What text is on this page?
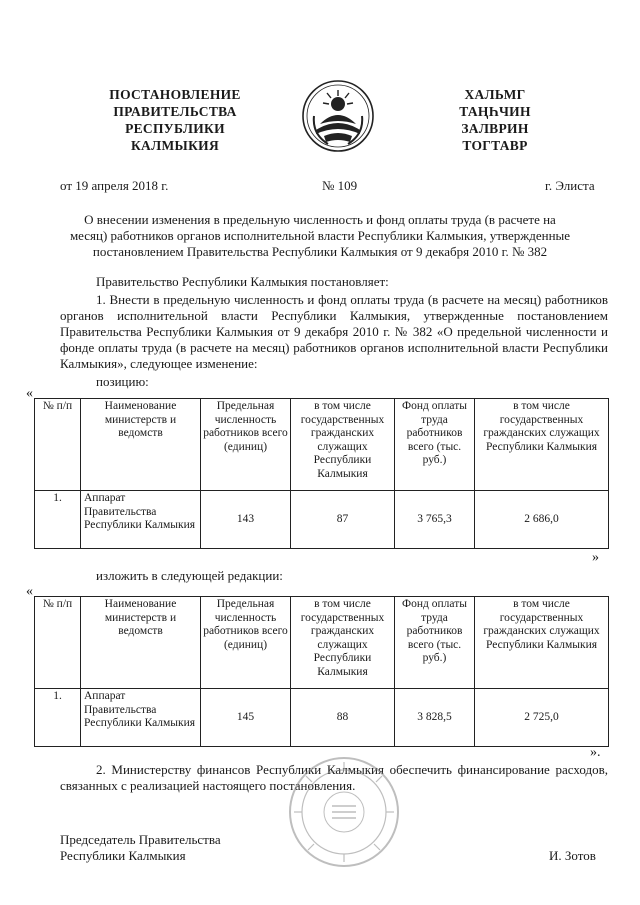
ПОСТАНОВЛЕНИЕ
ПРАВИТЕЛЬСТВА
РЕСПУБЛИКИ
КАЛМЫКИЯ
ХАЛЬМГ
ТАҢҺЧИН
ЗАЛВРИН
ТОГТАВР
от 19 апреля 2018 г.	№ 109	г. Элиста
О внесении изменения в предельную численность и фонд оплаты труда (в расчете на
месяц) работников органов исполнительной власти Республики Калмыкия, утвержденные
постановлением Правительства Республики Калмыкия от 9 декабря 2010 г. № 382
Правительство Республики Калмыкия постановляет:
1. Внести в предельную численность и фонд оплаты труда (в расчете на месяц) работников органов исполнительной власти Республики Калмыкия, утвержденные постановлением Правительства Республики Калмыкия от 9 декабря 2010 г. № 382 «О предельной численности и фонде оплаты труда (в расчете на месяц) работников органов исполнительной власти Республики Калмыкия», следующее изменение:
позицию:
«
№ п/п	Наименование министерств и ведомств	Предельная численность работников всего (единиц)	в том числе государственных гражданских служащих Республики Калмыкия	Фонд оплаты труда работников всего (тыс. руб.)	в том числе государственных гражданских служащих Республики Калмыкия
1.	Аппарат Правительства Республики Калмыкия	143	87	3 765,3	2 686,0
»
изложить в следующей редакции:
«
№ п/п	Наименование министерств и ведомств	Предельная численность работников всего (единиц)	в том числе государственных гражданских служащих Республики Калмыкия	Фонд оплаты труда работников всего (тыс. руб.)	в том числе государственных гражданских служащих Республики Калмыкия
1.	Аппарат Правительства Республики Калмыкия	145	88	3 828,5	2 725,0
».
2. Министерству финансов Республики Калмыкия обеспечить финансирование расходов, связанных с реализацией настоящего постановления.
Председатель Правительства
Республики Калмыкия	И. Зотов
